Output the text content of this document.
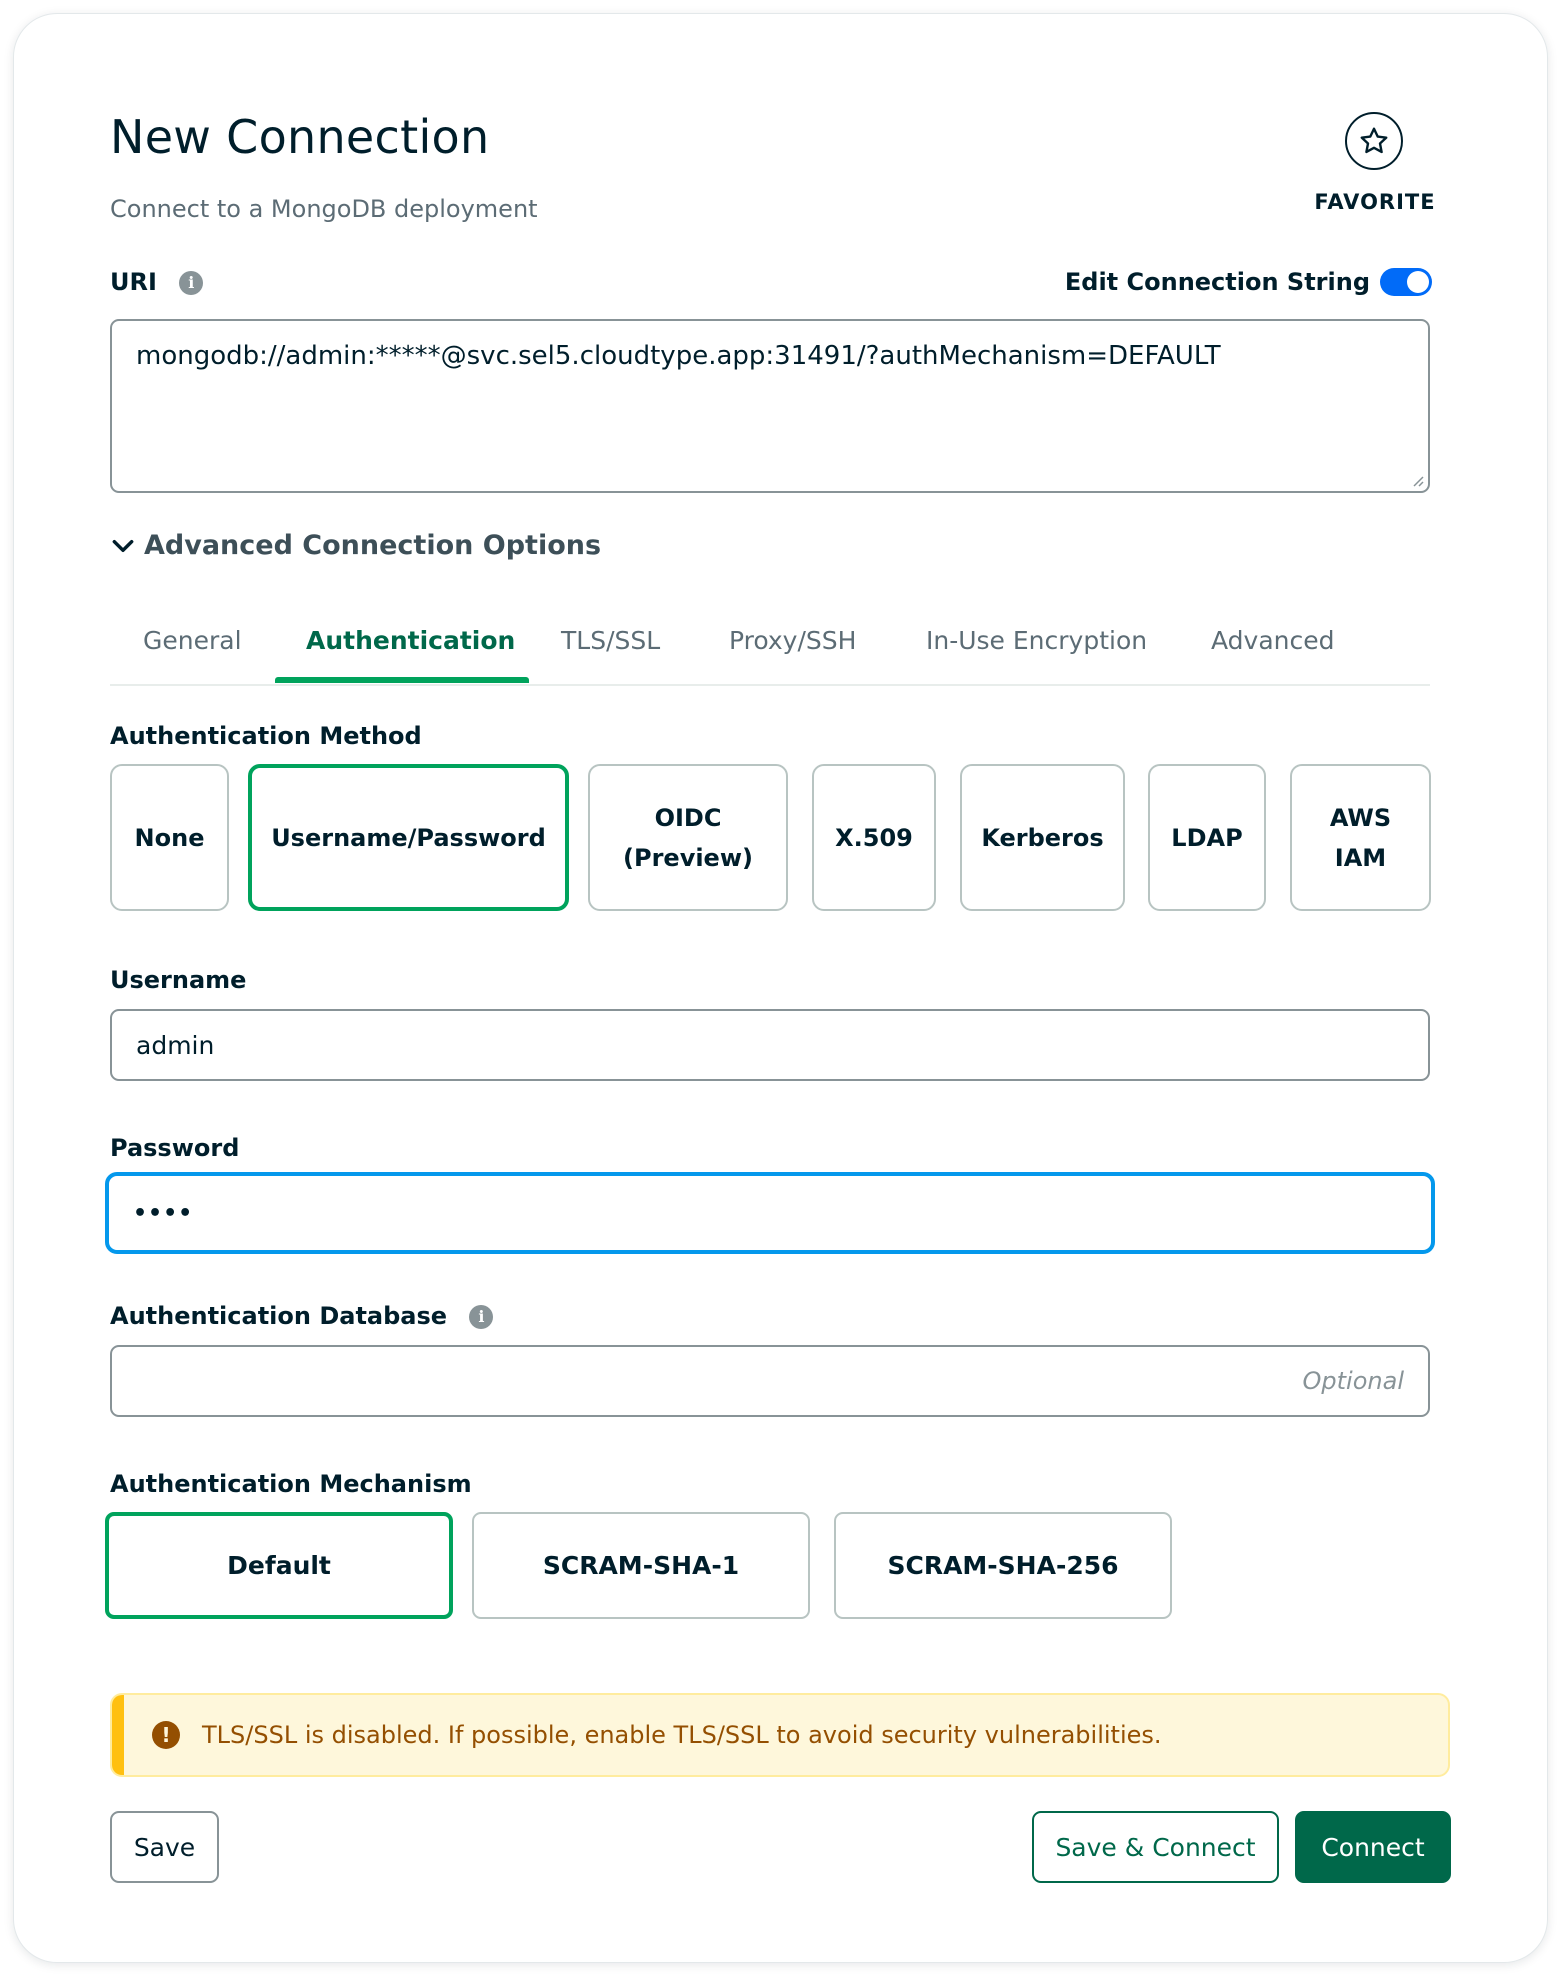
New Connection
Connect to a MongoDB deployment	FAVORITE
URI i	Edit Connection String
mongodb://admin:*****@svc.sel5.cloudtype.app:31491/?authMechanism=DEFAULT
Advanced Connection Options
General	Authentication TLS/SSL	Proxy/SSH	In-Use Encryption	Advanced
Authentication Method
None	Username/Password
OIDC
(Preview)
X.509	Kerberos	LDAP
AWS
IAM
Username
admin
Password
••••
Authentication Database i
Optional
Authentication Mechanism
Default	SCRAM-SHA-1	SCRAM-SHA-256
!	TLS/SSL is disabled. If possible, enable TLS/SSL to avoid security vulnerabilities.
Save	Save & Connect	Connect
